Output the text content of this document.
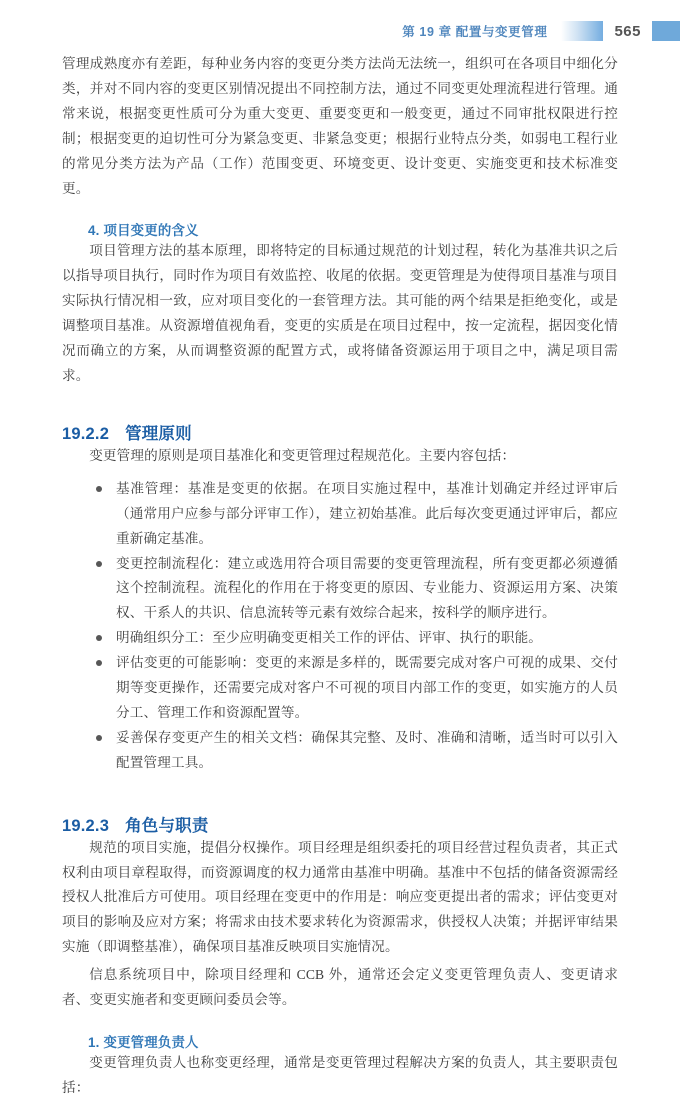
第 19 章 配置与变更管理	565

管理成熟度亦有差距，每种业务内容的变更分类方法尚无法统一，组织可在各项目中细化分类，并对不同内容的变更区别情况提出不同控制方法，通过不同变更处理流程进行管理。通常来说，根据变更性质可分为重大变更、重要变更和一般变更，通过不同审批权限进行控制；根据变更的迫切性可分为紧急变更、非紧急变更；根据行业特点分类，如弱电工程行业的常见分类方法为产品（工作）范围变更、环境变更、设计变更、实施变更和技术标准变更。

4. 项目变更的含义

项目管理方法的基本原理，即将特定的目标通过规范的计划过程，转化为基准共识之后以指导项目执行，同时作为项目有效监控、收尾的依据。变更管理是为使得项目基准与项目实际执行情况相一致，应对项目变化的一套管理方法。其可能的两个结果是拒绝变化，或是调整项目基准。从资源增值视角看，变更的实质是在项目过程中，按一定流程，据因变化情况而确立的方案，从而调整资源的配置方式，或将储备资源运用于项目之中，满足项目需求。

19.2.2 管理原则

变更管理的原则是项目基准化和变更管理过程规范化。主要内容包括：

基准管理：基准是变更的依据。在项目实施过程中，基准计划确定并经过评审后（通常用户应参与部分评审工作），建立初始基准。此后每次变更通过评审后，都应重新确定基准。
变更控制流程化：建立或选用符合项目需要的变更管理流程，所有变更都必须遵循这个控制流程。流程化的作用在于将变更的原因、专业能力、资源运用方案、决策权、干系人的共识、信息流转等元素有效综合起来，按科学的顺序进行。
明确组织分工：至少应明确变更相关工作的评估、评审、执行的职能。
评估变更的可能影响：变更的来源是多样的，既需要完成对客户可视的成果、交付期等变更操作，还需要完成对客户不可视的项目内部工作的变更，如实施方的人员分工、管理工作和资源配置等。
妥善保存变更产生的相关文档：确保其完整、及时、准确和清晰，适当时可以引入配置管理工具。
19.2.3 角色与职责

规范的项目实施，提倡分权操作。项目经理是组织委托的项目经营过程负责者，其正式权利由项目章程取得，而资源调度的权力通常由基准中明确。基准中不包括的储备资源需经授权人批准后方可使用。项目经理在变更中的作用是：响应变更提出者的需求；评估变更对项目的影响及应对方案；将需求由技术要求转化为资源需求，供授权人决策；并据评审结果实施（即调整基准），确保项目基准反映项目实施情况。

信息系统项目中，除项目经理和 CCB 外，通常还会定义变更管理负责人、变更请求者、变更实施者和变更顾问委员会等。

1. 变更管理负责人

变更管理负责人也称变更经理，通常是变更管理过程解决方案的负责人，其主要职责包括：
